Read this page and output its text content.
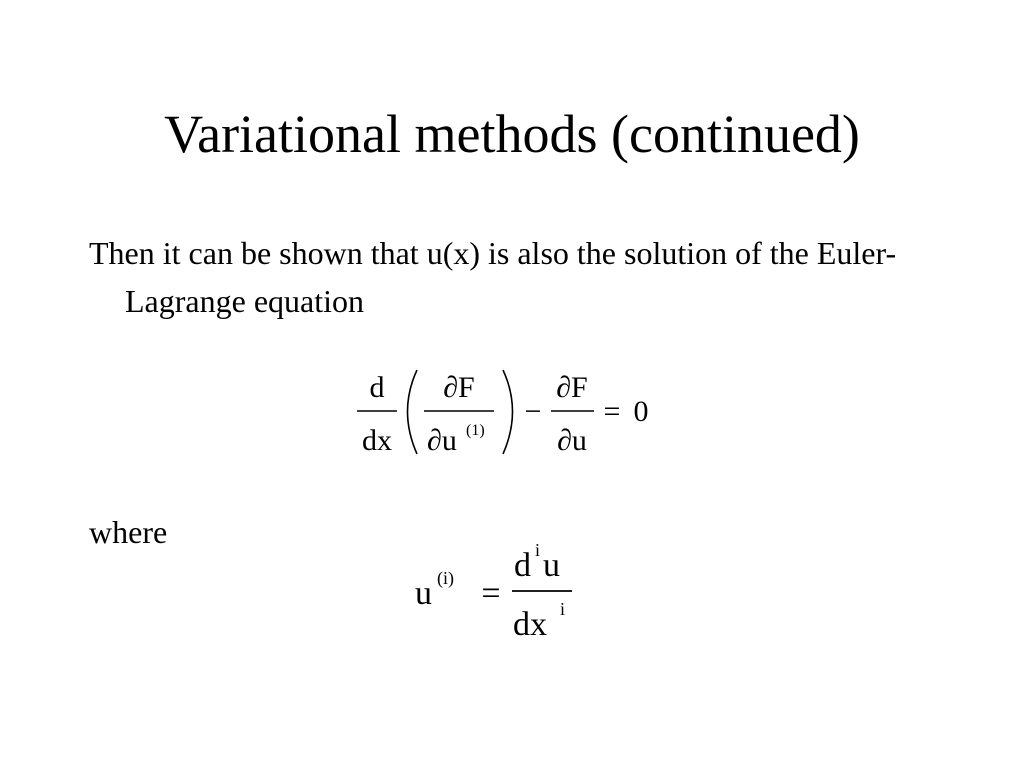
Variational methods (continued)
Then it can be shown that u(x) is also the solution of the Euler-Lagrange equation
d
dx
∂F
∂u (1)
−
∂F
∂u
= 0
u (i) =
d i u
dx i
where
